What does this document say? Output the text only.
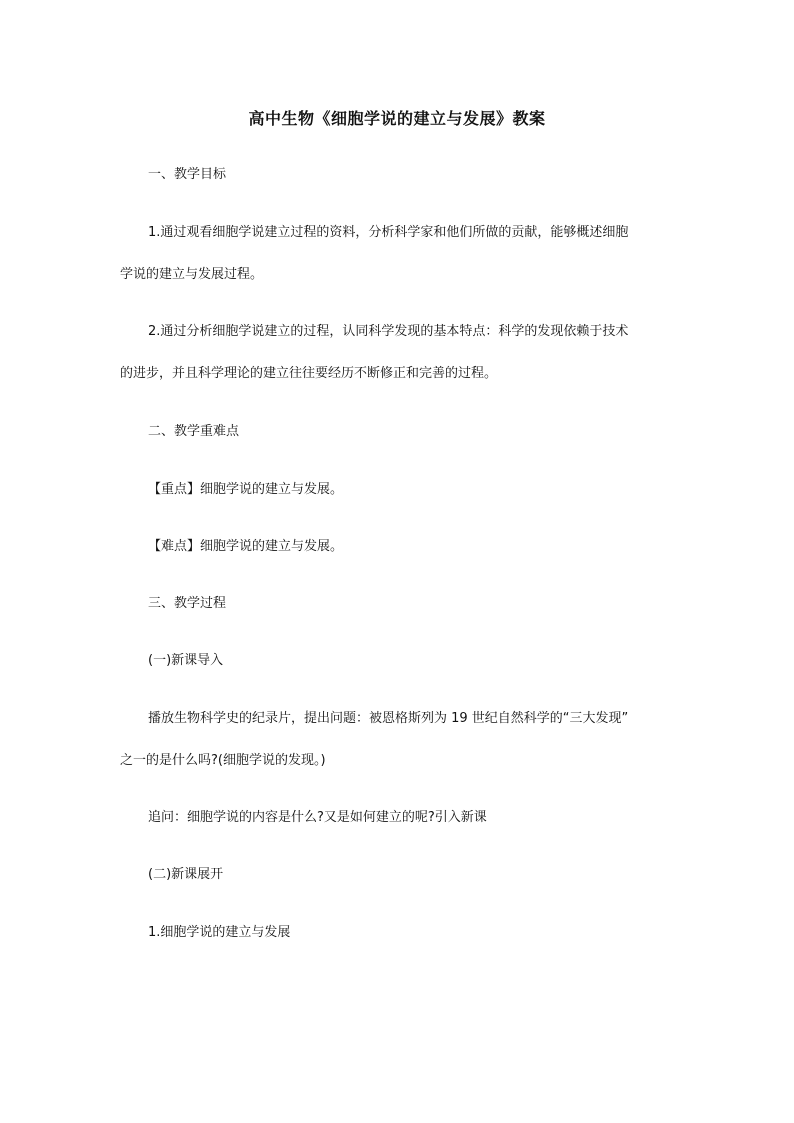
高中生物《细胞学说的建立与发展》教案
一、教学目标
1.通过观看细胞学说建立过程的资料，分析科学家和他们所做的贡献，能够概述细胞
学说的建立与发展过程。
2.通过分析细胞学说建立的过程，认同科学发现的基本特点：科学的发现依赖于技术
的进步，并且科学理论的建立往往要经历不断修正和完善的过程。
二、教学重难点
【重点】细胞学说的建立与发展。
【难点】细胞学说的建立与发展。
三、教学过程
(一)新课导入
播放生物科学史的纪录片，提出问题：被恩格斯列为 19 世纪自然科学的“三大发现”
之一的是什么吗?(细胞学说的发现。)
追问：细胞学说的内容是什么?又是如何建立的呢?引入新课
(二)新课展开
1.细胞学说的建立与发展
